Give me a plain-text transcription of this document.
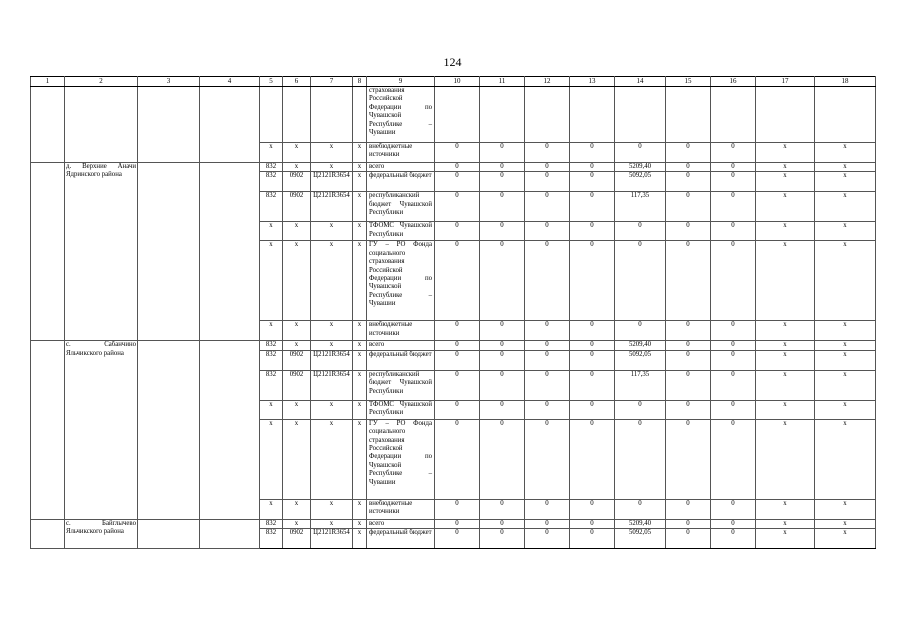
124
1	2	3	4	5	6	7	8	9	10	11	12	13	14	15	16	17	18
								страхования Российской Федерации по Чувашской Республике – Чувашии									
				x	x	x	x	внебюджетные источники	0	0	0	0	0	0	0	x	x
	д. Верхние Аначи Ядринского района			832	x	x	x	всего	0	0	0	0	5209,40	0	0	x	x
				832	0902	Ц2121R3654	x	федеральный бюджет	0	0	0	0	5092,05	0	0	x	x
				832	0902	Ц2121R3654	x	республиканский бюджет Чувашской Республики	0	0	0	0	117,35	0	0	x	x
				x	x	x	x	ТФОМС Чувашской Республики	0	0	0	0	0	0	0	x	x
				x	x	x	x	ГУ – РО Фонда социального страхования Российской Федерации по Чувашской Республике – Чувашии	0	0	0	0	0	0	0	x	x
				x	x	x	x	внебюджетные источники	0	0	0	0	0	0	0	x	x
	с. Сабанчино Яльчикского района			832	x	x	x	всего	0	0	0	0	5209,40	0	0	x	x
				832	0902	Ц2121R3654	x	федеральный бюджет	0	0	0	0	5092,05	0	0	x	x
				832	0902	Ц2121R3654	x	республиканский бюджет Чувашской Республики	0	0	0	0	117,35	0	0	x	x
				x	x	x	x	ТФОМС Чувашской Республики	0	0	0	0	0	0	0	x	x
				x	x	x	x	ГУ – РО Фонда социального страхования Российской Федерации по Чувашской Республике – Чувашии	0	0	0	0	0	0	0	x	x
				x	x	x	x	внебюджетные источники	0	0	0	0	0	0	0	x	x
	с. Байглычево Яльчикского района			832	x	x	x	всего	0	0	0	0	5209,40	0	0	x	x
				832	0902	Ц2121R3654	x	федеральный бюджет	0	0	0	0	5092,05	0	0	x	x
